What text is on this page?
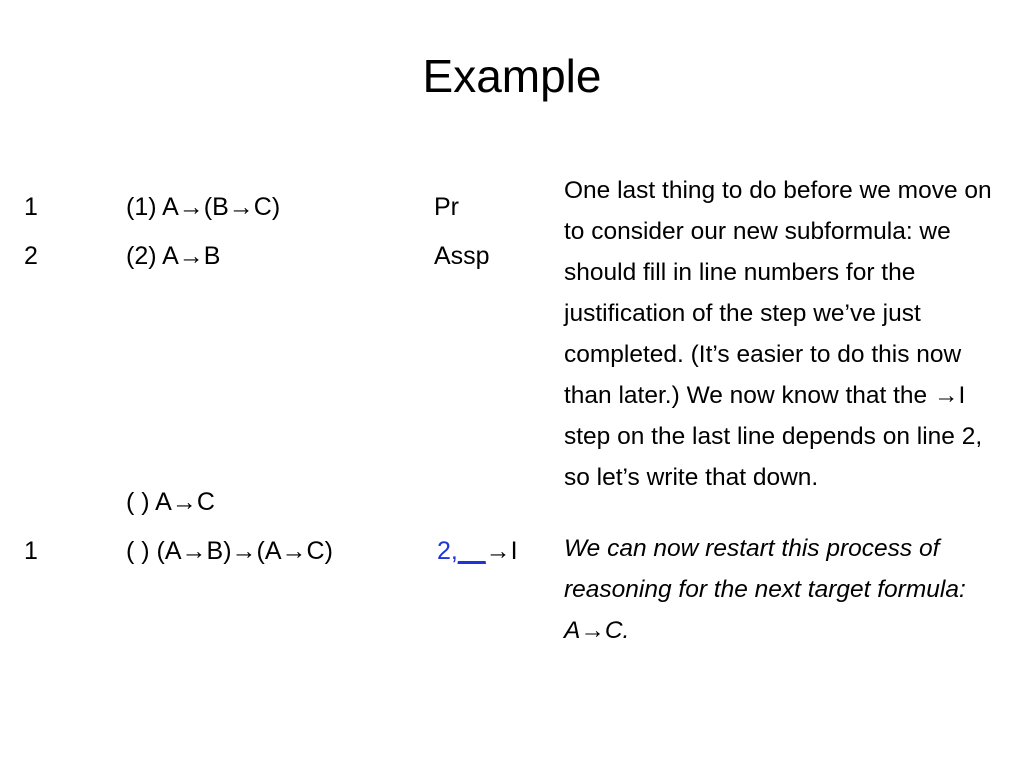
Example
1	(1) A→(B→C)	Pr
2	(2) A→B	Assp
( ) A→C
1	( ) (A→B)→(A→C)	2,__→I

One last thing to do before we move on to consider our new subformula: we should fill in line numbers for the justification of the step we’ve just completed. (It’s easier to do this now than later.) We now know that the →I step on the last line depends on line 2, so let’s write that down.

We can now restart this process of reasoning for the next target formula: A→C.
